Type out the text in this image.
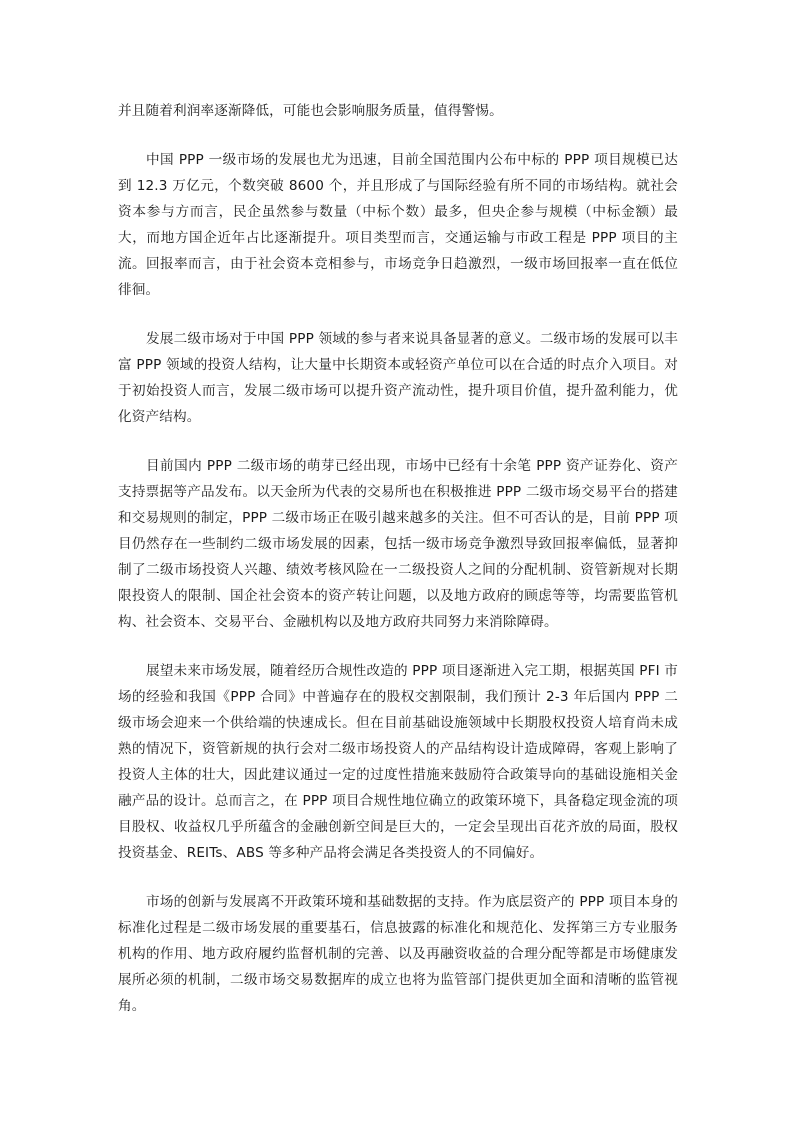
并且随着利润率逐渐降低，可能也会影响服务质量，值得警惕。

中国 PPP 一级市场的发展也尤为迅速，目前全国范围内公布中标的 PPP 项目规模已达到 12.3 万亿元，个数突破 8600 个，并且形成了与国际经验有所不同的市场结构。就社会资本参与方而言，民企虽然参与数量（中标个数）最多，但央企参与规模（中标金额）最大，而地方国企近年占比逐渐提升。项目类型而言，交通运输与市政工程是 PPP 项目的主流。回报率而言，由于社会资本竞相参与，市场竞争日趋激烈，一级市场回报率一直在低位徘徊。

发展二级市场对于中国 PPP 领域的参与者来说具备显著的意义。二级市场的发展可以丰富 PPP 领域的投资人结构，让大量中长期资本或轻资产单位可以在合适的时点介入项目。对于初始投资人而言，发展二级市场可以提升资产流动性，提升项目价值，提升盈利能力，优化资产结构。

目前国内 PPP 二级市场的萌芽已经出现，市场中已经有十余笔 PPP 资产证券化、资产支持票据等产品发布。以天金所为代表的交易所也在积极推进 PPP 二级市场交易平台的搭建和交易规则的制定，PPP 二级市场正在吸引越来越多的关注。但不可否认的是，目前 PPP 项目仍然存在一些制约二级市场发展的因素，包括一级市场竞争激烈导致回报率偏低，显著抑制了二级市场投资人兴趣、绩效考核风险在一二级投资人之间的分配机制、资管新规对长期限投资人的限制、国企社会资本的资产转让问题，以及地方政府的顾虑等等，均需要监管机构、社会资本、交易平台、金融机构以及地方政府共同努力来消除障碍。

展望未来市场发展，随着经历合规性改造的 PPP 项目逐渐进入完工期，根据英国 PFI 市场的经验和我国《PPP 合同》中普遍存在的股权交割限制，我们预计 2-3 年后国内 PPP 二级市场会迎来一个供给端的快速成长。但在目前基础设施领域中长期股权投资人培育尚未成熟的情况下，资管新规的执行会对二级市场投资人的产品结构设计造成障碍，客观上影响了投资人主体的壮大，因此建议通过一定的过度性措施来鼓励符合政策导向的基础设施相关金融产品的设计。总而言之，在 PPP 项目合规性地位确立的政策环境下，具备稳定现金流的项目股权、收益权几乎所蕴含的金融创新空间是巨大的，一定会呈现出百花齐放的局面，股权投资基金、REITs、ABS 等多种产品将会满足各类投资人的不同偏好。

市场的创新与发展离不开政策环境和基础数据的支持。作为底层资产的 PPP 项目本身的标准化过程是二级市场发展的重要基石，信息披露的标准化和规范化、发挥第三方专业服务机构的作用、地方政府履约监督机制的完善、以及再融资收益的合理分配等都是市场健康发展所必须的机制，二级市场交易数据库的成立也将为监管部门提供更加全面和清晰的监管视角。
